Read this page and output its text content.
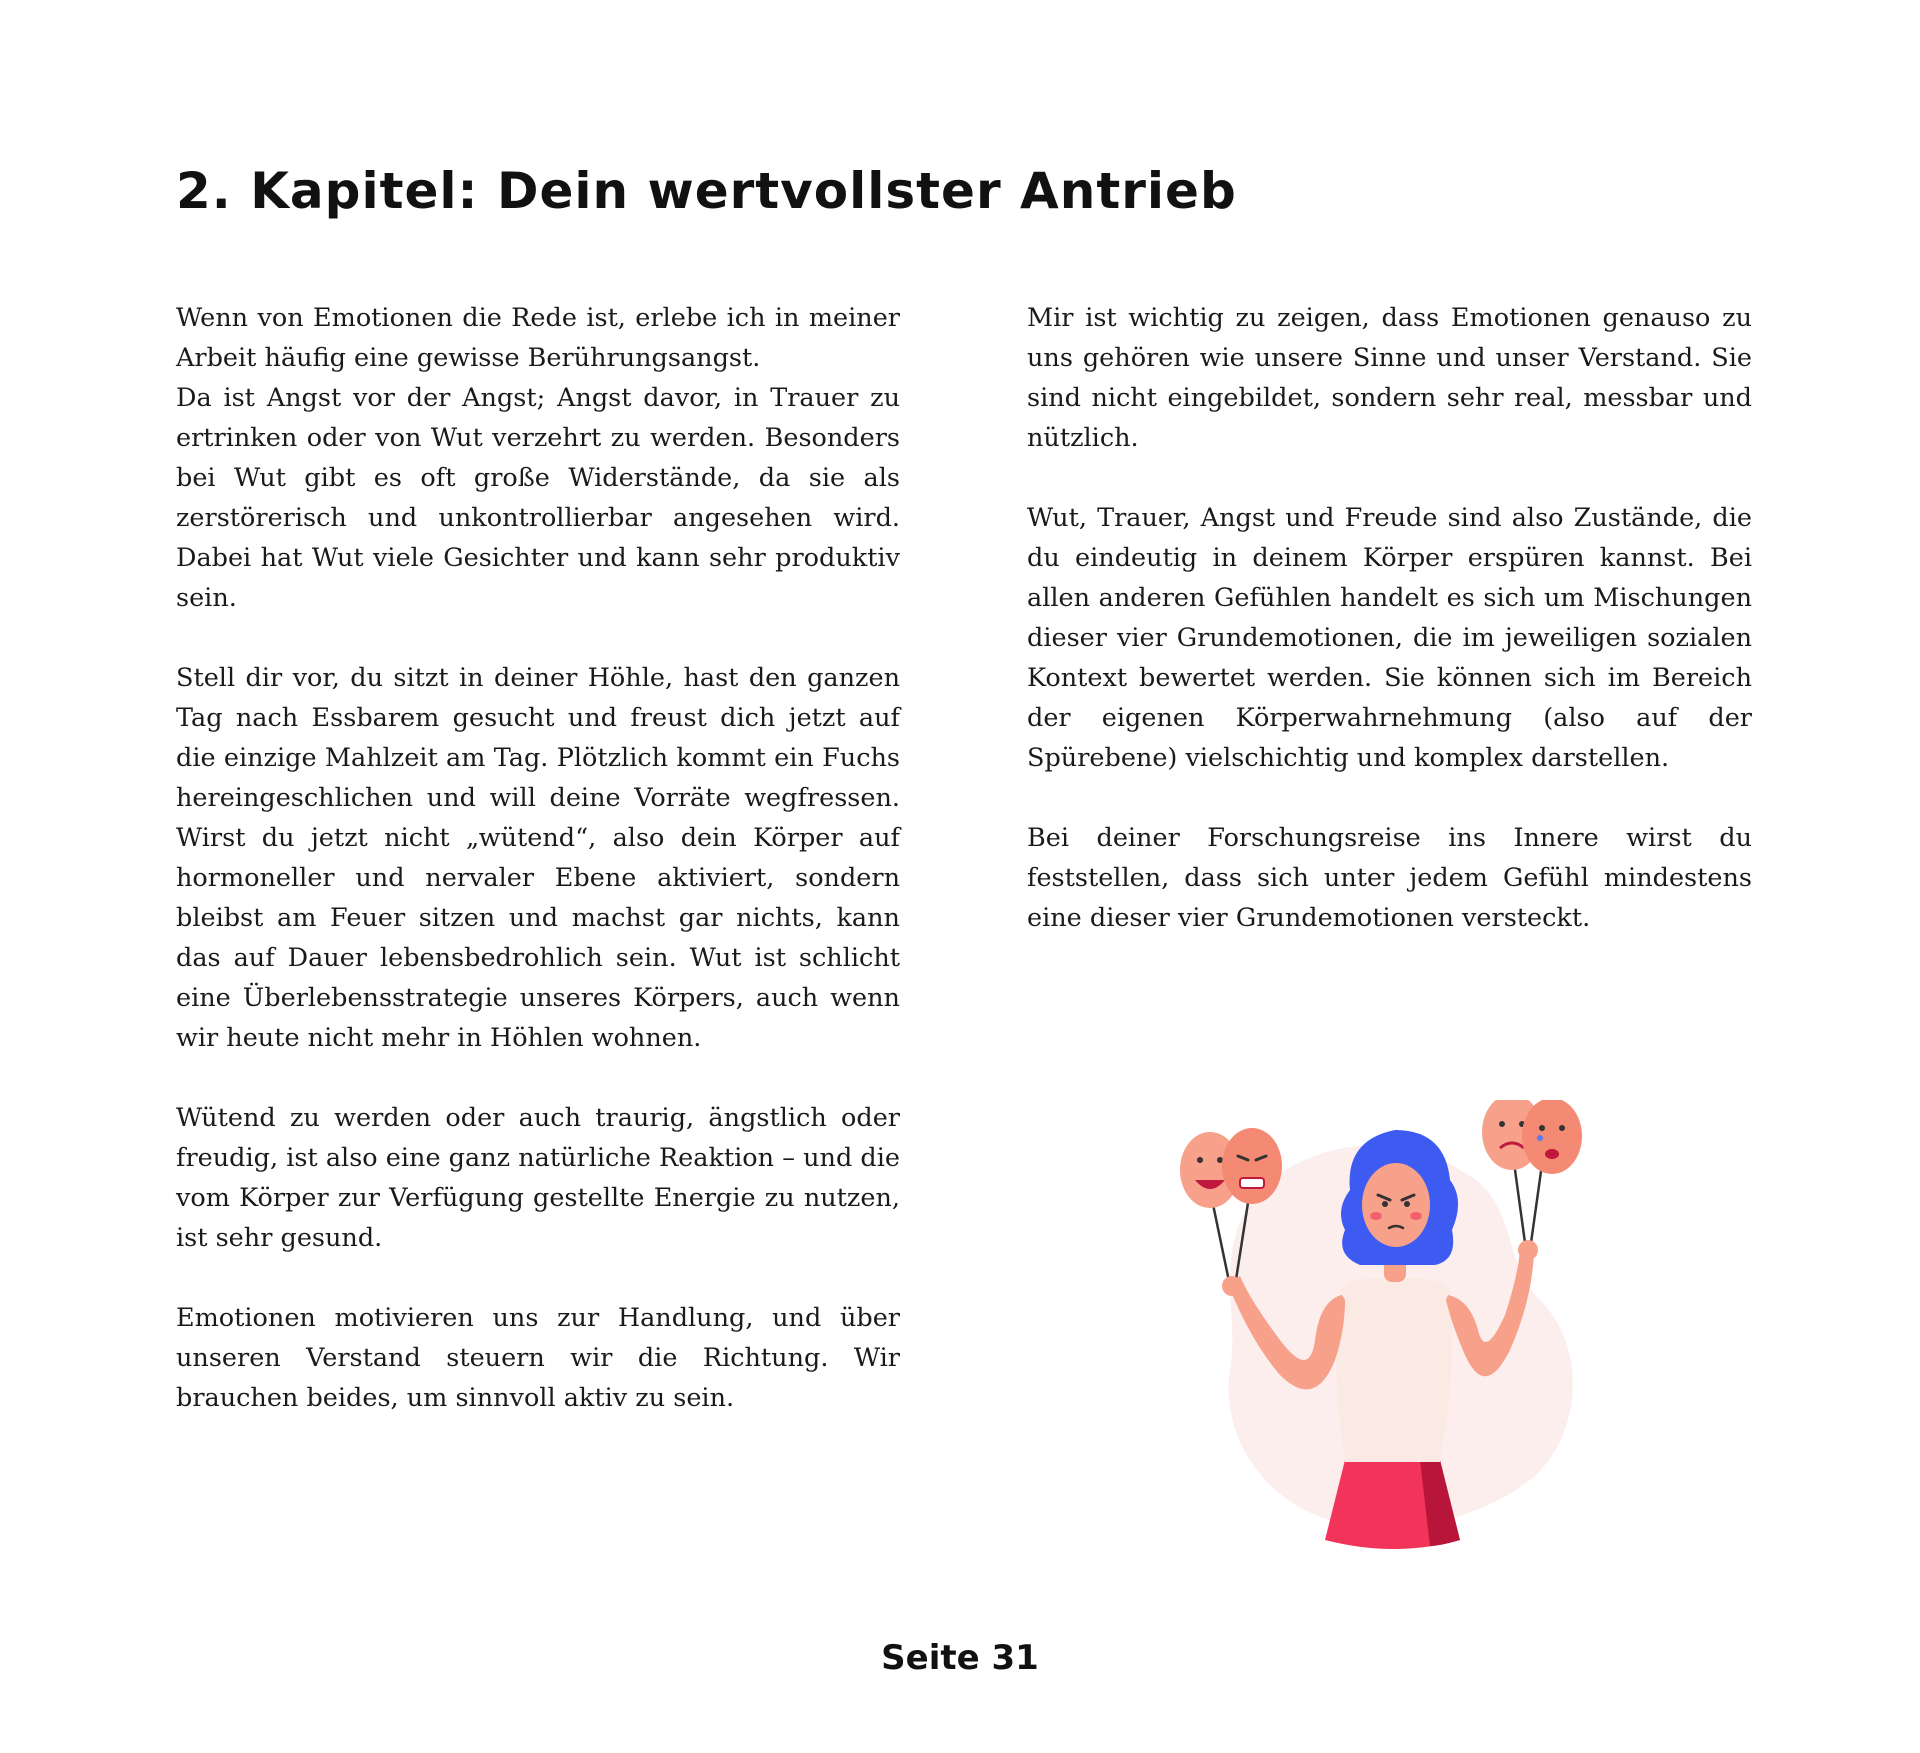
2. Kapitel: Dein wertvollster Antrieb

Wenn von Emotionen die Rede ist, erlebe ich in meiner Arbeit häufig eine gewisse Berührungsangst.

Da ist Angst vor der Angst; Angst davor, in Trauer zu ertrinken oder von Wut verzehrt zu werden. Besonders bei Wut gibt es oft große Widerstände, da sie als zerstörerisch und unkontrollierbar angesehen wird. Dabei hat Wut viele Gesichter und kann sehr produktiv sein.

Stell dir vor, du sitzt in deiner Höhle, hast den ganzen Tag nach Essbarem gesucht und freust dich jetzt auf die einzige Mahlzeit am Tag. Plötzlich kommt ein Fuchs hereingeschlichen und will deine Vorräte wegfressen. Wirst du jetzt nicht „wütend“, also dein Körper auf hormoneller und nervaler Ebene aktiviert, sondern bleibst am Feuer sitzen und machst gar nichts, kann das auf Dauer lebensbedrohlich sein. Wut ist schlicht eine Überlebensstrategie unseres Körpers, auch wenn wir heute nicht mehr in Höhlen wohnen.

Wütend zu werden oder auch traurig, ängstlich oder freudig, ist also eine ganz natürliche Reaktion – und die vom Körper zur Verfügung gestellte Energie zu nutzen, ist sehr gesund.

Emotionen motivieren uns zur Handlung, und über unseren Verstand steuern wir die Richtung. Wir brauchen beides, um sinnvoll aktiv zu sein.

Mir ist wichtig zu zeigen, dass Emotionen genauso zu uns gehören wie unsere Sinne und unser Verstand. Sie sind nicht eingebildet, sondern sehr real, messbar und nützlich.

Wut, Trauer, Angst und Freude sind also Zustände, die du eindeutig in deinem Körper erspüren kannst. Bei allen anderen Gefühlen handelt es sich um Mischungen dieser vier Grundemotionen, die im jeweiligen sozialen Kontext bewertet werden. Sie können sich im Bereich der eigenen Körperwahrnehmung (also auf der Spürebene) vielschichtig und komplex darstellen.

Bei deiner Forschungsreise ins Innere wirst du feststellen, dass sich unter jedem Gefühl mindestens eine dieser vier Grundemotionen versteckt.

Seite 31
